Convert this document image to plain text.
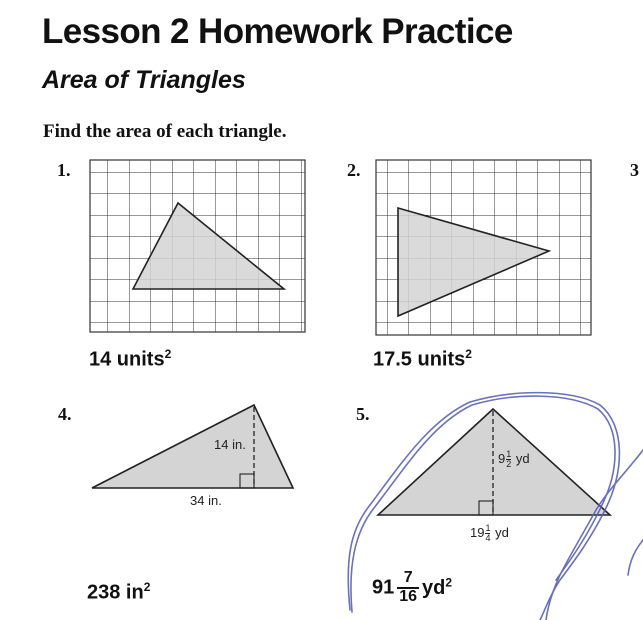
Lesson 2 Homework Practice
Area of Triangles
Find the area of each triangle.
1.	2.	3
4.	5.
14 in.
34 in.
$9 \frac{1}{2}$ yd
$19 \frac{1}{4}$ yd
14 units$^2$	17.5 units$^2$
238 $in^2$	$91 \frac{7}{16} yd^2$
